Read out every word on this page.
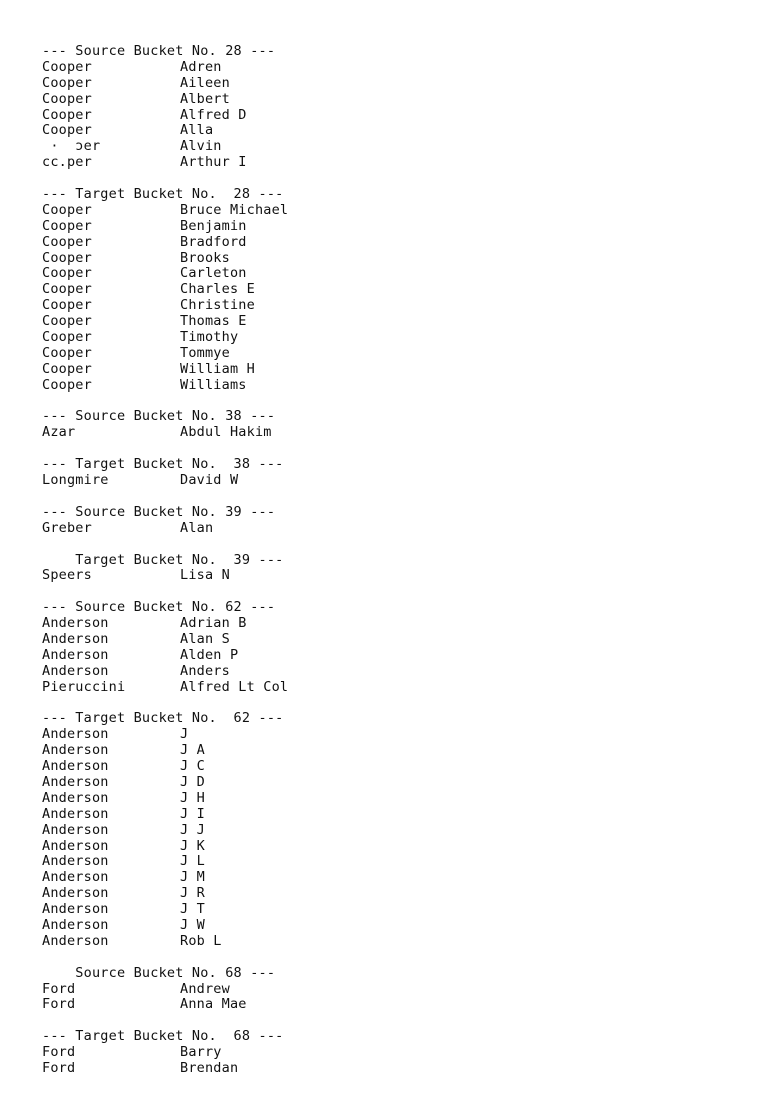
--- Source Bucket No. 28 ---
Cooper	Adren
Cooper	Aileen
Cooper	Albert
Cooper	Alfred D
Cooper	Alla
·  ɔer	Alvin
cc.per	Arthur I
--- Target Bucket No.  28 ---
Cooper	Bruce Michael
Cooper	Benjamin
Cooper	Bradford
Cooper	Brooks
Cooper	Carleton
Cooper	Charles E
Cooper	Christine
Cooper	Thomas E
Cooper	Timothy
Cooper	Tommye
Cooper	William H
Cooper	Williams
--- Source Bucket No. 38 ---
Azar	Abdul Hakim
--- Target Bucket No.  38 ---
Longmire	David W
--- Source Bucket No. 39 ---
Greber	Alan
Target Bucket No.  39 ---
Speers	Lisa N
--- Source Bucket No. 62 ---
Anderson	Adrian B
Anderson	Alan S
Anderson	Alden P
Anderson	Anders
Pieruccini	Alfred Lt Col
--- Target Bucket No.  62 ---
Anderson	J
Anderson	J A
Anderson	J C
Anderson	J D
Anderson	J H
Anderson	J I
Anderson	J J
Anderson	J K
Anderson	J L
Anderson	J M
Anderson	J R
Anderson	J T
Anderson	J W
Anderson	Rob L
Source Bucket No. 68 ---
Ford	Andrew
Ford	Anna Mae
--- Target Bucket No.  68 ---
Ford	Barry
Ford	Brendan
